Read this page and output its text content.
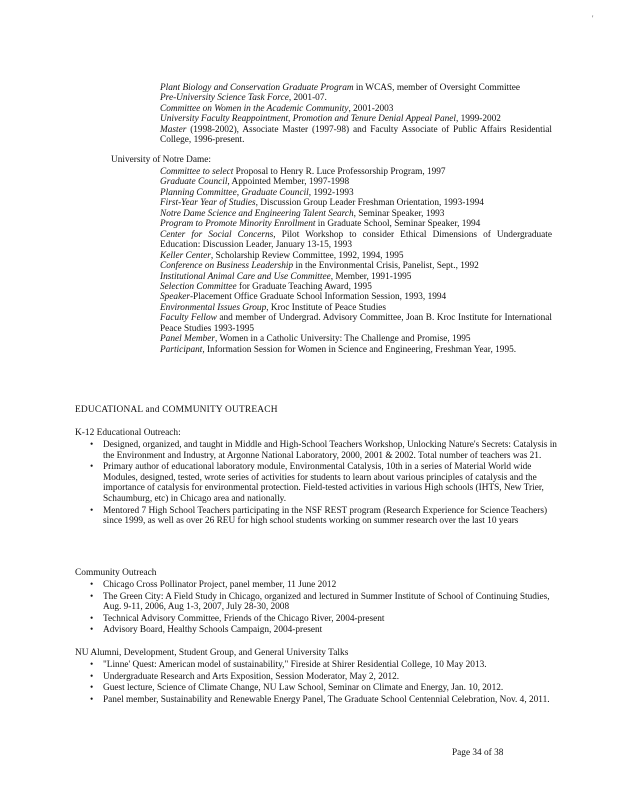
'
Plant Biology and Conservation Graduate Program in WCAS, member of Oversight Committee
Pre-University Science Task Force, 2001-07.
Committee on Women in the Academic Community, 2001-2003
University Faculty Reappointment, Promotion and Tenure Denial Appeal Panel, 1999-2002
Master (1998-2002), Associate Master (1997-98) and Faculty Associate of Public Affairs Residential College, 1996-present.
University of Notre Dame:
Committee to select Proposal to Henry R. Luce Professorship Program, 1997
Graduate Council, Appointed Member, 1997-1998
Planning Committee, Graduate Council, 1992-1993
First-Year Year of Studies, Discussion Group Leader Freshman Orientation, 1993-1994
Notre Dame Science and Engineering Talent Search, Seminar Speaker, 1993
Program to Promote Minority Enrollment in Graduate School, Seminar Speaker, 1994
Center for Social Concerns, Pilot Workshop to consider Ethical Dimensions of Undergraduate Education: Discussion Leader, January 13-15, 1993
Keller Center, Scholarship Review Committee, 1992, 1994, 1995
Conference on Business Leadership in the Environmental Crisis, Panelist, Sept., 1992
Institutional Animal Care and Use Committee, Member, 1991-1995
Selection Committee for Graduate Teaching Award, 1995
Speaker-Placement Office Graduate School Information Session, 1993, 1994
Environmental Issues Group, Kroc Institute of Peace Studies
Faculty Fellow and member of Undergrad. Advisory Committee, Joan B. Kroc Institute for International Peace Studies 1993-1995
Panel Member, Women in a Catholic University: The Challenge and Promise, 1995
Participant, Information Session for Women in Science and Engineering, Freshman Year, 1995.
EDUCATIONAL and COMMUNITY OUTREACH
K-12 Educational Outreach:
• Designed, organized, and taught in Middle and High-School Teachers Workshop, Unlocking Nature's Secrets: Catalysis in the Environment and Industry, at Argonne National Laboratory, 2000, 2001 & 2002. Total number of teachers was 21.
• Primary author of educational laboratory module, Environmental Catalysis, 10th in a series of Material World wide Modules, designed, tested, wrote series of activities for students to learn about various principles of catalysis and the importance of catalysis for environmental protection. Field-tested activities in various High schools (IHTS, New Trier, Schaumburg, etc) in Chicago area and nationally.
• Mentored 7 High School Teachers participating in the NSF REST program (Research Experience for Science Teachers) since 1999, as well as over 26 REU for high school students working on summer research over the last 10 years
Community Outreach
• Chicago Cross Pollinator Project, panel member, 11 June 2012
• The Green City: A Field Study in Chicago, organized and lectured in Summer Institute of School of Continuing Studies, Aug. 9-11, 2006, Aug 1-3, 2007, July 28-30, 2008
• Technical Advisory Committee, Friends of the Chicago River, 2004-present
• Advisory Board, Healthy Schools Campaign, 2004-present
NU Alumni, Development, Student Group, and General University Talks
• "Linne' Quest: American model of sustainability," Fireside at Shirer Residential College, 10 May 2013.
• Undergraduate Research and Arts Exposition, Session Moderator, May 2, 2012.
• Guest lecture, Science of Climate Change, NU Law School, Seminar on Climate and Energy, Jan. 10, 2012.
• Panel member, Sustainability and Renewable Energy Panel, The Graduate School Centennial Celebration, Nov. 4, 2011.
Page 34 of 38
